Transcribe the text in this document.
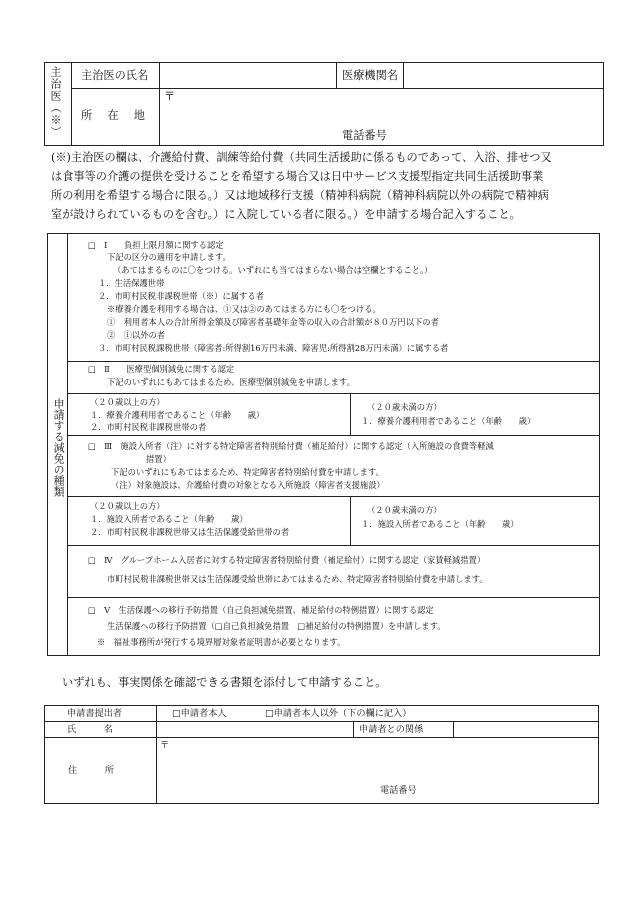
主治医（※） 主治医の氏名	医療機関名
所　在　地
〒
電話番号
(※)主治医の欄は、介護給付費、訓練等給付費（共同生活援助に係るものであって、入浴、排せつ又
は食事等の介護の提供を受けることを希望する場合又は日中サービス支援型指定共同生活援助事業
所の利用を希望する場合に限る。）又は地域移行支援（精神科病院（精神科病院以外の病院で精神病
室が設けられているものを含む。）に入院している者に限る。）を申請する場合記入すること。
申請する減免の種類
□　Ⅰ　　負担上限月額に関する認定
下記の区分の適用を申請します。
（あてはまるものに〇をつける。いずれにも当てはまらない場合は空欄とすること。）
１．生活保護世帯
２．市町村民税非課税世帯（※）に属する者
※療養介護を利用する場合は、①又は②のあてはまる方にも〇をつける。
①　利用者本人の合計所得金額及び障害者基礎年金等の収入の合計額が８０万円以下の者
②　①以外の者
３．市町村民税課税世帯（障害者:所得割16万円未満、障害児:所得割28万円未満）に属する者
□　Ⅱ　　医療型個別減免に関する認定
下記のいずれにもあてはまるため、医療型個別減免を申請します。
（２０歳以上の方）
１．療養介護利用者であること（年齢　　歳）
２．市町村民税非課税世帯の者
（２０歳未満の方）
１．療養介護利用者であること（年齢　　歳）
□　Ⅲ　施設入所者（注）に対する特定障害者特別給付費（補足給付）に関する認定（入所施設の食費等軽減
措置）
下記のいずれにもあてはまるため、特定障害者特別給付費を申請します。
（注）対象施設は、介護給付費の対象となる入所施設（障害者支援施設）
（２０歳以上の方）
１．施設入所者であること（年齢　　歳）
２．市町村民税非課税世帯又は生活保護受給世帯の者
（２０歳未満の方）
１．施設入所者であること（年齢　　歳）
□　Ⅳ　グループホーム入居者に対する特定障害者特別給付費（補足給付）に関する認定（家賃軽減措置）
市町村民税非課税世帯又は生活保護受給世帯にあてはまるため、特定障害者特別給付費を申請します。
□　Ⅴ　生活保護への移行予防措置（自己負担減免措置、補足給付の特例措置）に関する認定
生活保護への移行予防措置（□自己負担減免措置　□補足給付の特例措置）を申請します。
※　福祉事務所が発行する境界層対象者証明書が必要となります。
いずれも、事実関係を確認できる書類を添付して申請すること。
申請書提出者	□申請者本人	□申請者本人以外（下の欄に記入）
氏　　　名	申請者との関係
住　　　所
〒
電話番号
